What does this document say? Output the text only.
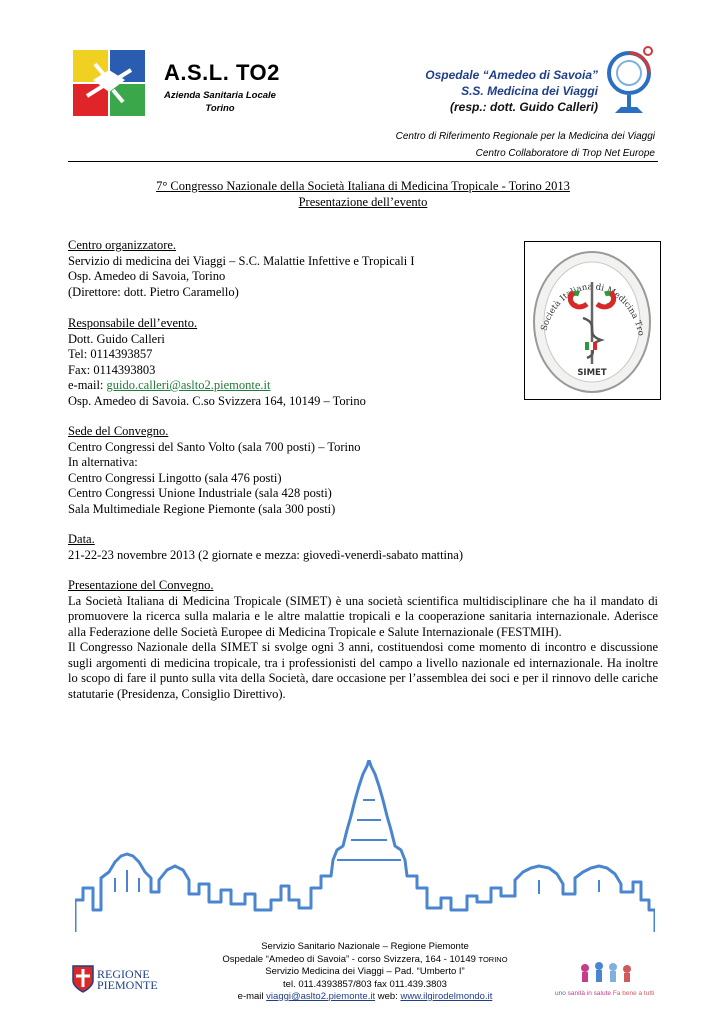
A.S.L. TO2
Azienda Sanitaria Locale
Torino
Ospedale “Amedeo di Savoia”
S.S. Medicina dei Viaggi
(resp.: dott. Guido Calleri)
Centro di Riferimento Regionale per la Medicina dei Viaggi
Centro Collaboratore di Trop Net Europe
7° Congresso Nazionale della Società Italiana di Medicina Tropicale - Torino 2013
Presentazione dell’evento
Centro organizzatore.
Servizio di medicina dei Viaggi – S.C. Malattie Infettive e Tropicali I
Osp. Amedeo di Savoia, Torino
(Direttore: dott. Pietro Caramello)
Responsabile dell’evento.
Dott. Guido Calleri
Tel: 0114393857
Fax: 0114393803
e-mail: guido.calleri@aslto2.piemonte.it
Osp. Amedeo di Savoia. C.so Svizzera 164, 10149 – Torino
Società Italiana di Medicina Tro
SIMET
Sede del Convegno.
Centro Congressi del Santo Volto (sala 700 posti) – Torino
In alternativa:
Centro Congressi Lingotto (sala 476 posti)
Centro Congressi Unione Industriale (sala 428 posti)
Sala Multimediale Regione Piemonte (sala 300 posti)
Data.
21-22-23 novembre 2013 (2 giornate e mezza: giovedì-venerdì-sabato mattina)
Presentazione del Convegno.
La Società Italiana di Medicina Tropicale (SIMET) è una società scientifica multidisciplinare che ha il mandato di promuovere la ricerca sulla malaria e le altre malattie tropicali e la cooperazione sanitaria internazionale. Aderisce alla Federazione delle Società Europee di Medicina Tropicale e Salute Internazionale (FESTMIH).
Il Congresso Nazionale della SIMET si svolge ogni 3 anni, costituendosi come momento di incontro e discussione sugli argomenti di medicina tropicale, tra i professionisti del campo a livello nazionale ed internazionale. Ha inoltre lo scopo di fare il punto sulla vita della Società, dare occasione per l’assemblea dei soci e per il rinnovo delle cariche statutarie (Presidenza, Consiglio Direttivo).
Servizio Sanitario Nazionale – Regione Piemonte
Ospedale “Amedeo di Savoia” - corso Svizzera, 164 - 10149 TORINO
Servizio Medicina dei Viaggi – Pad. “Umberto I”
tel. 011.4393857/803 fax 011.439.3803
e-mail viaggi@aslto2.piemonte.it web: www.ilgirodelmondo.it
REGIONE
PIEMONTE
uno sanità in salute Fa bene a tutti
